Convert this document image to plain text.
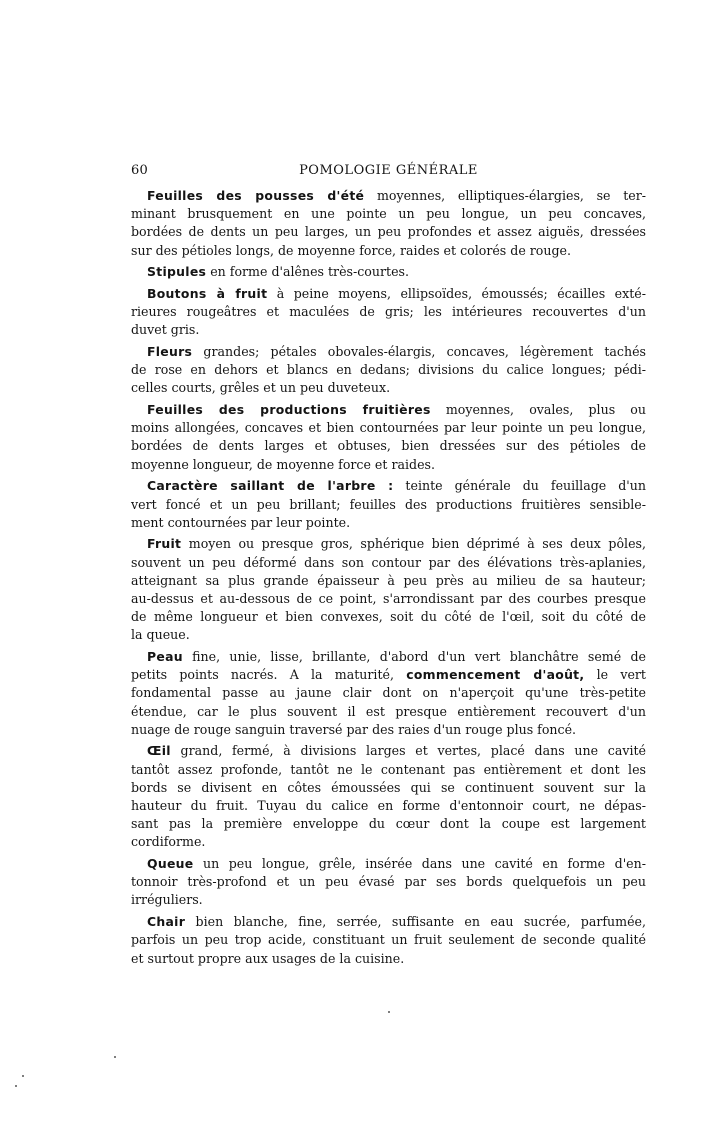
60	POMOLOGIE GÉNÉRALE
Feuilles des pousses d'été moyennes, elliptiques-élargies, se ter-
minant brusquement en une pointe un peu longue, un peu concaves,
bordées de dents un peu larges, un peu profondes et assez aiguës, dressées
sur des pétioles longs, de moyenne force, raides et colorés de rouge.
Stipules en forme d'alênes très-courtes.
Boutons à fruit à peine moyens, ellipsoïdes, émoussés; écailles exté-
rieures rougeâtres et maculées de gris; les intérieures recouvertes d'un
duvet gris.
Fleurs grandes; pétales obovales-élargis, concaves, légèrement tachés
de rose en dehors et blancs en dedans; divisions du calice longues; pédi-
celles courts, grêles et un peu duveteux.
Feuilles des productions fruitières moyennes, ovales, plus ou
moins allongées, concaves et bien contournées par leur pointe un peu longue,
bordées de dents larges et obtuses, bien dressées sur des pétioles de
moyenne longueur, de moyenne force et raides.
Caractère saillant de l'arbre : teinte générale du feuillage d'un
vert foncé et un peu brillant; feuilles des productions fruitières sensible-
ment contournées par leur pointe.
Fruit moyen ou presque gros, sphérique bien déprimé à ses deux pôles,
souvent un peu déformé dans son contour par des élévations très-aplanies,
atteignant sa plus grande épaisseur à peu près au milieu de sa hauteur;
au-dessus et au-dessous de ce point, s'arrondissant par des courbes presque
de même longueur et bien convexes, soit du côté de l'œil, soit du côté de
la queue.
Peau fine, unie, lisse, brillante, d'abord d'un vert blanchâtre semé de
petits points nacrés. A la maturité, commencement d'août, le vert
fondamental passe au jaune clair dont on n'aperçoit qu'une très-petite
étendue, car le plus souvent il est presque entièrement recouvert d'un
nuage de rouge sanguin traversé par des raies d'un rouge plus foncé.
Œil grand, fermé, à divisions larges et vertes, placé dans une cavité
tantôt assez profonde, tantôt ne le contenant pas entièrement et dont les
bords se divisent en côtes émoussées qui se continuent souvent sur la
hauteur du fruit. Tuyau du calice en forme d'entonnoir court, ne dépas-
sant pas la première enveloppe du cœur dont la coupe est largement
cordiforme.
Queue un peu longue, grêle, insérée dans une cavité en forme d'en-
tonnoir très-profond et un peu évasé par ses bords quelquefois un peu
irréguliers.
Chair bien blanche, fine, serrée, suffisante en eau sucrée, parfumée,
parfois un peu trop acide, constituant un fruit seulement de seconde qualité
et surtout propre aux usages de la cuisine.
